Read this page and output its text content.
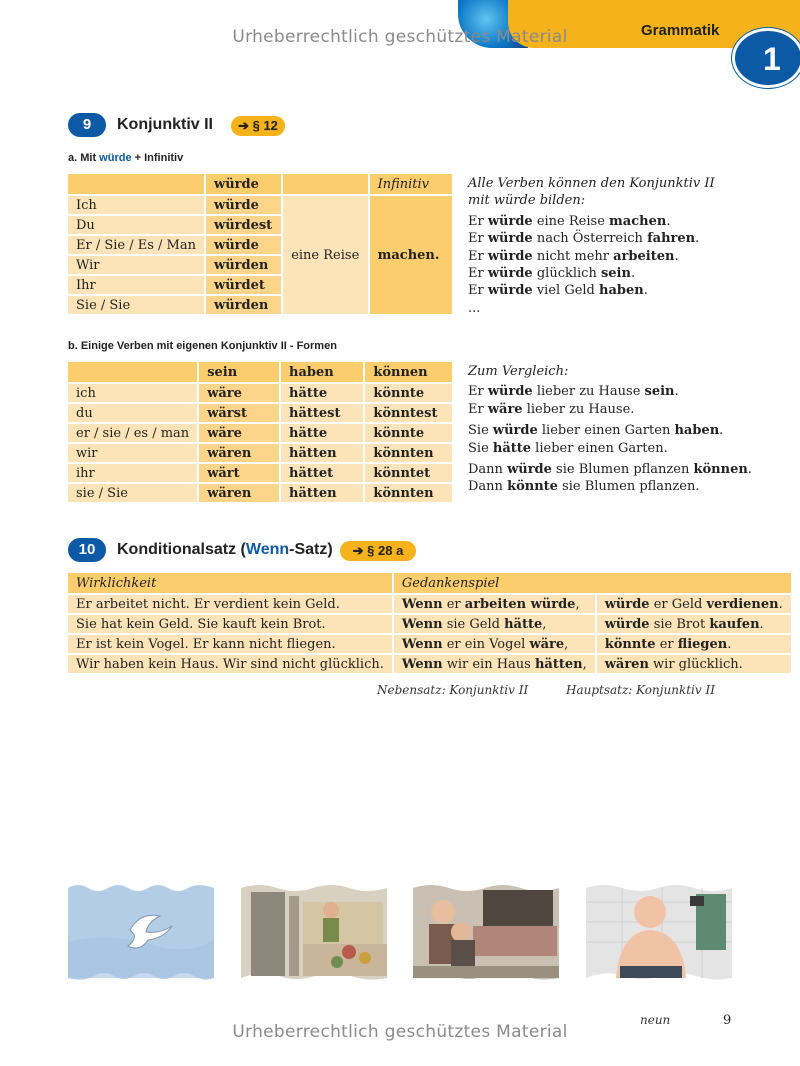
Grammatik
1
Urheberrechtlich geschütztes Material
9	Konjunktiv II	➔ § 12
a. Mit würde + Infinitiv
	würde		Infinitiv
Ich	würde	eine Reise	machen.
Du	würdest		
Er / Sie / Es / Man	würde		
Wir	würden		
Ihr	würdet		
Sie / Sie	würden		

Alle Verben können den Konjunktiv II

mit würde bilden:

Er würde eine Reise machen.

Er würde nach Österreich fahren.

Er würde nicht mehr arbeiten.

Er würde glücklich sein.

Er würde viel Geld haben.

...

b. Einige Verben mit eigenen Konjunktiv II - Formen
	sein	haben	können
ich	wäre	hätte	könnte
du	wärst	hättest	könntest
er / sie / es / man	wäre	hätte	könnte
wir	wären	hätten	könnten
ihr	wärt	hättet	könntet
sie / Sie	wären	hätten	könnten

Zum Vergleich:

Er würde lieber zu Hause sein.

Er wäre lieber zu Hause.

Sie würde lieber einen Garten haben.

Sie hätte lieber einen Garten.

Dann würde sie Blumen pflanzen können.

Dann könnte sie Blumen pflanzen.

10	Konditionalsatz (Wenn-Satz)	➔ § 28 a
Wirklichkeit	Gedankenspiel	
Er arbeitet nicht. Er verdient kein Geld.	Wenn er arbeiten würde,	würde er Geld verdienen.
Sie hat kein Geld. Sie kauft kein Brot.	Wenn sie Geld hätte,	würde sie Brot kaufen.
Er ist kein Vogel. Er kann nicht fliegen.	Wenn er ein Vogel wäre,	könnte er fliegen.
Wir haben kein Haus. Wir sind nicht glücklich.	Wenn wir ein Haus hätten,	wären wir glücklich.
Nebensatz: Konjunktiv II	Hauptsatz: Konjunktiv II
neun	9
Urheberrechtlich geschütztes Material
